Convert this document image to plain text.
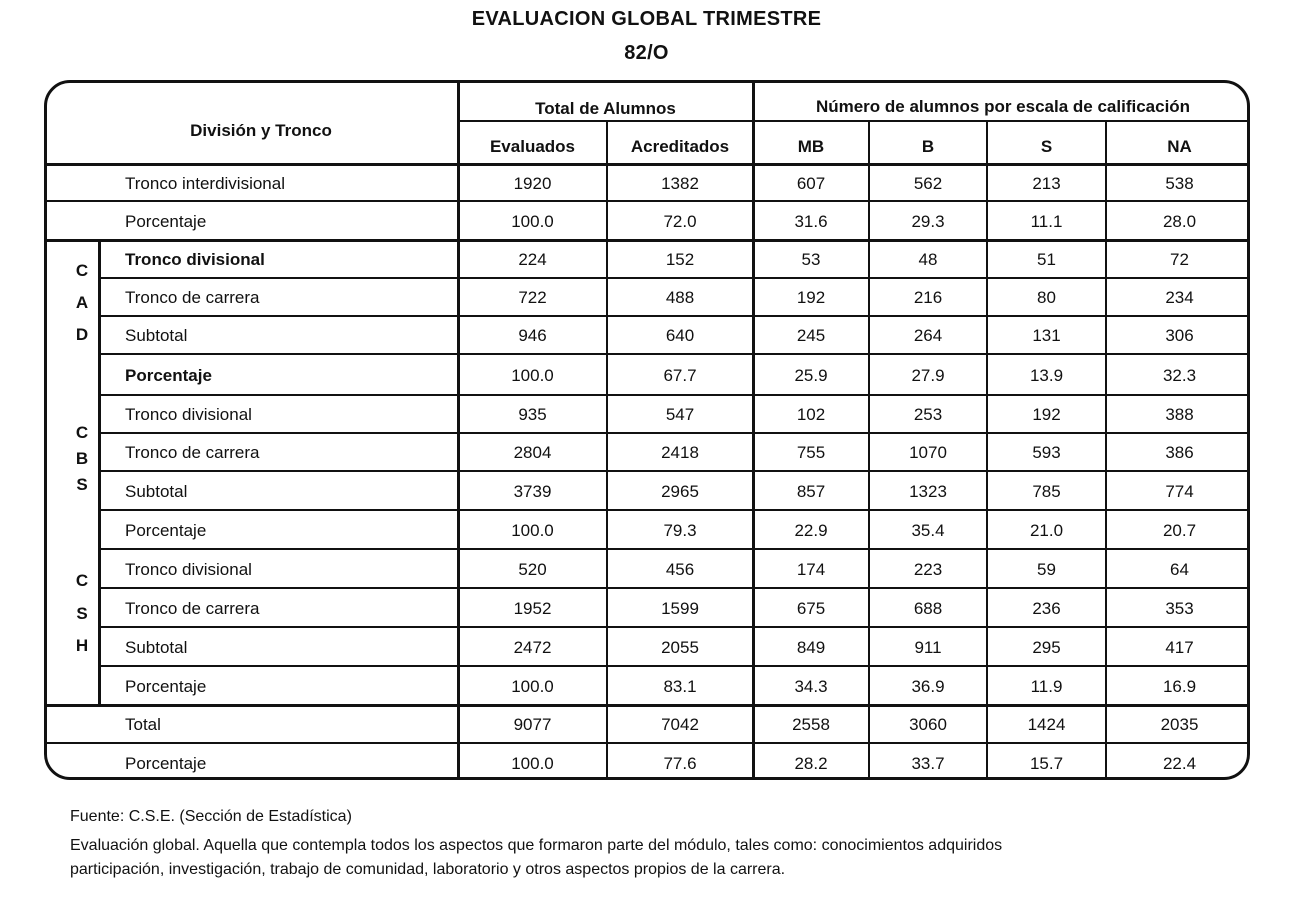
EVALUACION GLOBAL TRIMESTRE
82/O
División y Tronco
Total de Alumnos	Número de alumnos por escala de calificación
Evaluados	Acreditados	MB	B	S	NA
Tronco interdivisional	1920	1382	607	562	213	538
Porcentaje	100.0	72.0	31.6	29.3	11.1	28.0
Tronco divisional	224	152	53	48	51	72
Tronco de carrera	722	488	192	216	80	234
Subtotal	946	640	245	264	131	306
Porcentaje	100.0	67.7	25.9	27.9	13.9	32.3
Tronco divisional	935	547	102	253	192	388
Tronco de carrera	2804	2418	755	1070	593	386
Subtotal	3739	2965	857	1323	785	774
Porcentaje	100.0	79.3	22.9	35.4	21.0	20.7
Tronco divisional	520	456	174	223	59	64
Tronco de carrera	1952	1599	675	688	236	353
Subtotal	2472	2055	849	911	295	417
Porcentaje	100.0	83.1	34.3	36.9	11.9	16.9
Total	9077	7042	2558	3060	1424	2035
Porcentaje	100.0	77.6	28.2	33.7	15.7	22.4
C
A
D
C
B
S
C
S
H
Fuente: C.S.E. (Sección de Estadística)
Evaluación global. Aquella que contempla todos los aspectos que formaron parte del módulo, tales como: conocimientos adquiridos
participación, investigación, trabajo de comunidad, laboratorio y otros aspectos propios de la carrera.
